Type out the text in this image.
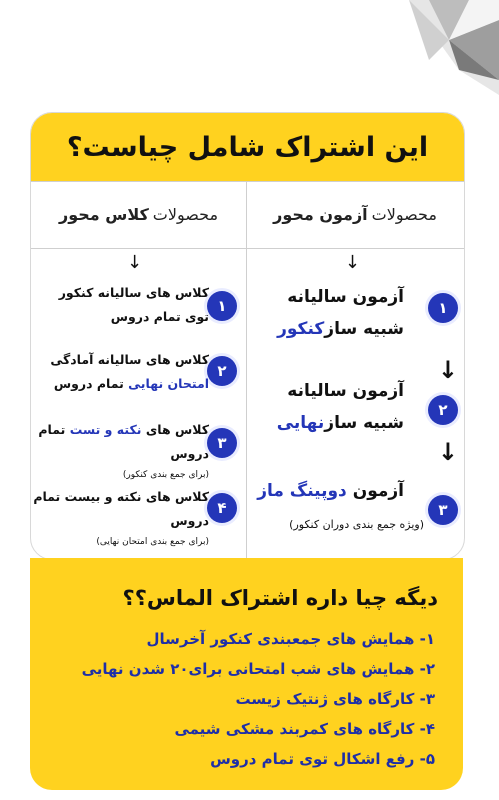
این اشتراک شامل چیاست؟
محصولات
آزمون محور
محصولات
کلاس محور
↓
↓
۱
آزمون سالیانه
شبیه سازکنکور
↓
۲
آزمون سالیانه
شبیه سازنهایی
↓
۳
آزمون دوپینگ ماز
(ویژه جمع بندی دوران کنکور)
۱
کلاس های سالیانه کنکور
توی تمام دروس
۲
کلاس های سالیانه آمادگی
امتحان نهایی تمام دروس
۳
کلاس های نکته و تست تمام دروس
(برای جمع بندی کنکور)
۴
کلاس های نکته و بیست تمام دروس
(برای جمع بندی امتحان نهایی)
دیگه چیا داره اشتراک الماس؟؟
۱- همایش های جمعبندی کنکور آخرسال
۲- همایش های شب امتحانی برای۲۰ شدن نهایی
۳- کارگاه های ژنتیک زیست
۴- کارگاه های کمربند مشکی شیمی
۵- رفع اشکال توی تمام دروس
